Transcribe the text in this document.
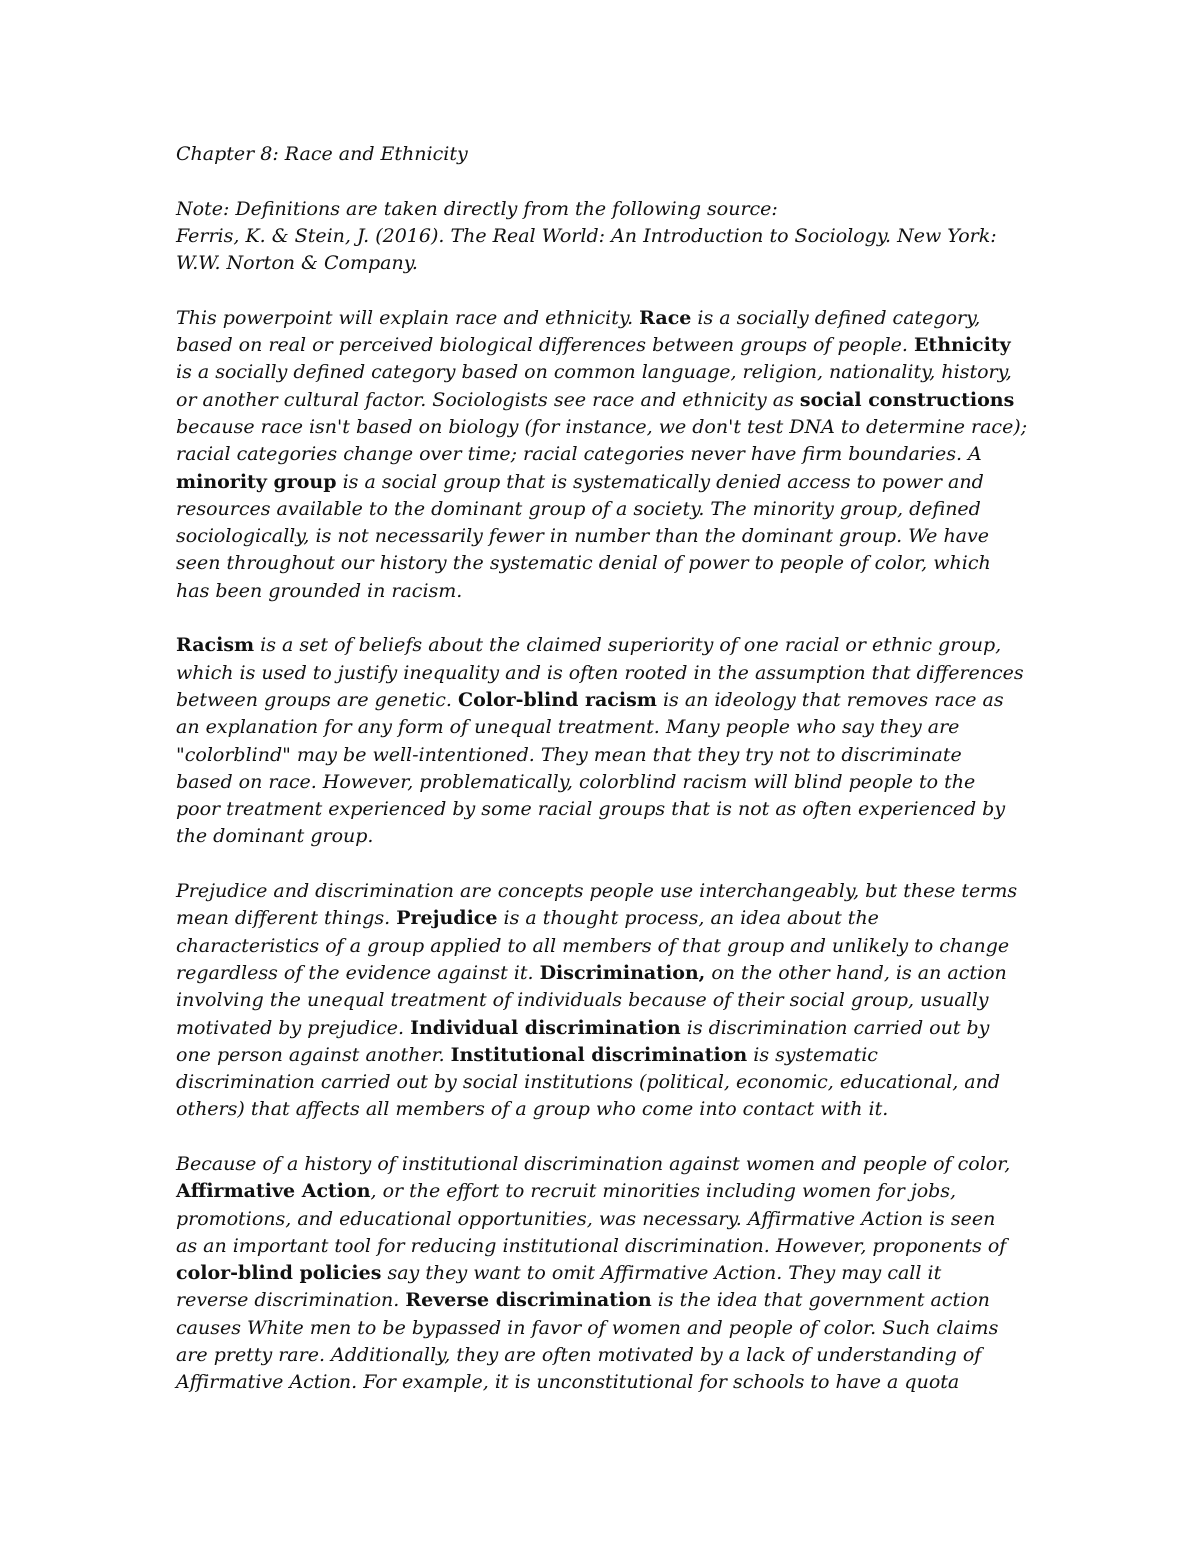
Chapter 8: Race and Ethnicity

Note: Definitions are taken directly from the following source:
Ferris, K. & Stein, J. (2016). The Real World: An Introduction to Sociology. New York:
W.W. Norton & Company.

This powerpoint will explain race and ethnicity. Race is a socially defined category,
based on real or perceived biological differences between groups of people. Ethnicity
is a socially defined category based on common language, religion, nationality, history,
or another cultural factor. Sociologists see race and ethnicity as social constructions
because race isn't based on biology (for instance, we don't test DNA to determine race);
racial categories change over time; racial categories never have firm boundaries. A
minority group is a social group that is systematically denied access to power and
resources available to the dominant group of a society. The minority group, defined
sociologically, is not necessarily fewer in number than the dominant group. We have
seen throughout our history the systematic denial of power to people of color, which
has been grounded in racism.

Racism is a set of beliefs about the claimed superiority of one racial or ethnic group,
which is used to justify inequality and is often rooted in the assumption that differences
between groups are genetic. Color-blind racism is an ideology that removes race as
an explanation for any form of unequal treatment. Many people who say they are
"colorblind" may be well-intentioned. They mean that they try not to discriminate
based on race. However, problematically, colorblind racism will blind people to the
poor treatment experienced by some racial groups that is not as often experienced by
the dominant group.

Prejudice and discrimination are concepts people use interchangeably, but these terms
mean different things. Prejudice is a thought process, an idea about the
characteristics of a group applied to all members of that group and unlikely to change
regardless of the evidence against it. Discrimination, on the other hand, is an action
involving the unequal treatment of individuals because of their social group, usually
motivated by prejudice. Individual discrimination is discrimination carried out by
one person against another. Institutional discrimination is systematic
discrimination carried out by social institutions (political, economic, educational, and
others) that affects all members of a group who come into contact with it.

Because of a history of institutional discrimination against women and people of color,
Affirmative Action, or the effort to recruit minorities including women for jobs,
promotions, and educational opportunities, was necessary. Affirmative Action is seen
as an important tool for reducing institutional discrimination. However, proponents of
color-blind policies say they want to omit Affirmative Action. They may call it
reverse discrimination. Reverse discrimination is the idea that government action
causes White men to be bypassed in favor of women and people of color. Such claims
are pretty rare. Additionally, they are often motivated by a lack of understanding of
Affirmative Action. For example, it is unconstitutional for schools to have a quota
